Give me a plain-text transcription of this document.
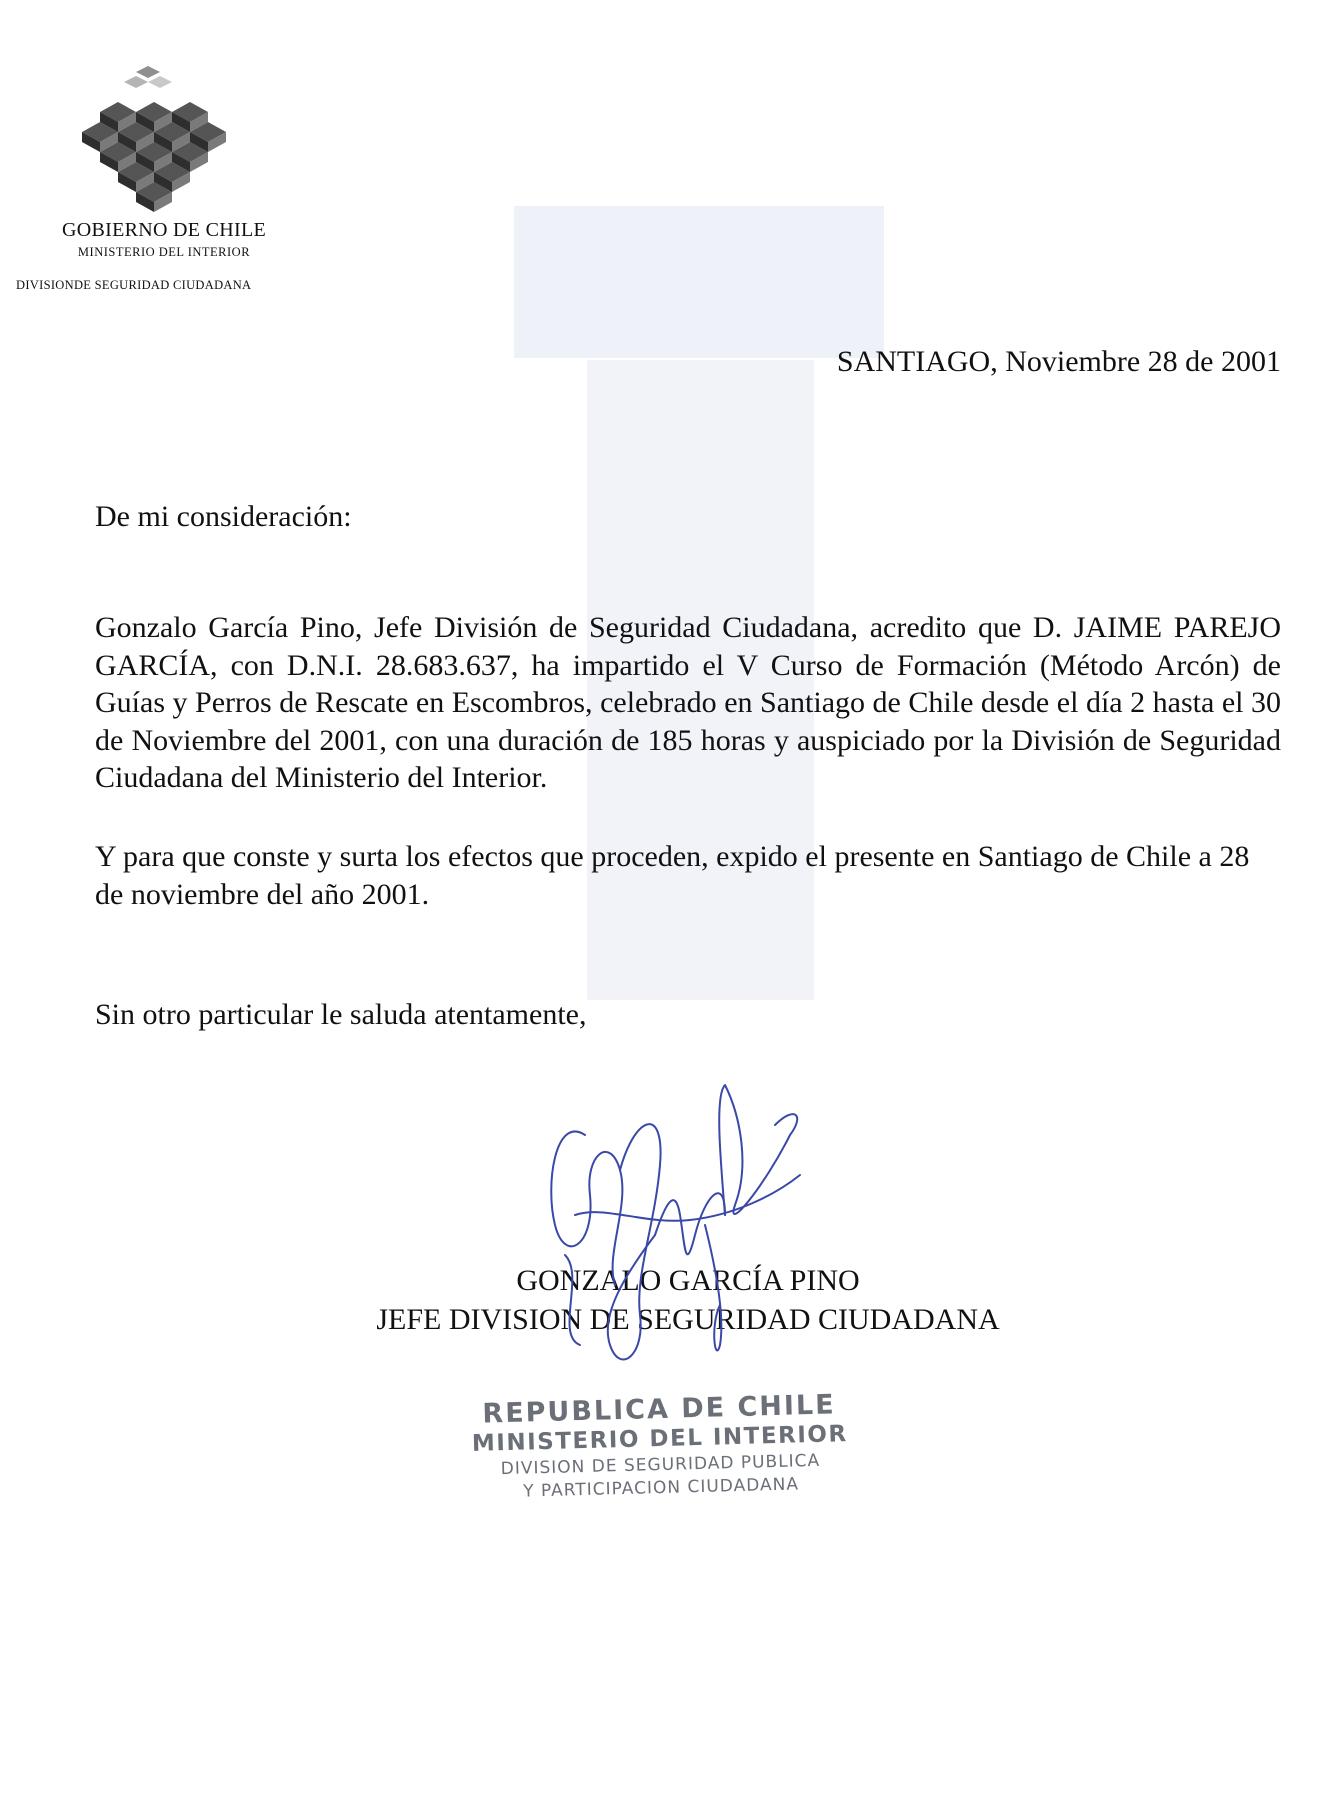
GOBIERNO DE CHILE
MINISTERIO DEL INTERIOR
DIVISIONDE SEGURIDAD CIUDADANA
SANTIAGO, Noviembre 28 de 2001
De mi consideración:
Gonzalo García Pino, Jefe División de Seguridad Ciudadana, acredito que D. JAIME PAREJO GARCÍA, con D.N.I. 28.683.637, ha impartido el V Curso de Formación (Método Arcón) de Guías y Perros de Rescate en Escombros, celebrado en Santiago de Chile desde el día 2 hasta el 30 de Noviembre del 2001, con una duración de 185 horas y auspiciado por la División de Seguridad Ciudadana del Ministerio del Interior.
Y para que conste y surta los efectos que proceden, expido el presente en Santiago de Chile a 28 de noviembre del año 2001.
Sin otro particular le saluda atentamente,
GONZALO GARCÍA PINO
JEFE DIVISION DE SEGURIDAD CIUDADANA
REPUBLICA DE CHILE
MINISTERIO DEL INTERIOR
DIVISION DE SEGURIDAD PUBLICA
Y PARTICIPACION CIUDADANA
